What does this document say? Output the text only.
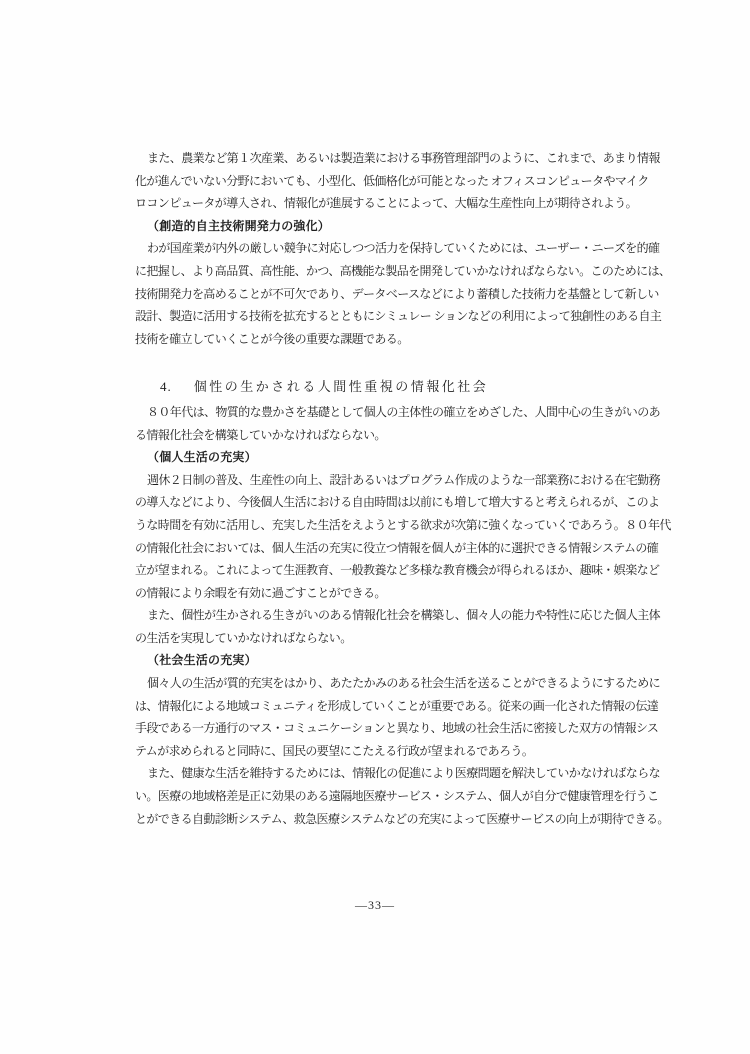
また、農業など第１次産業、あるいは製造業における事務管理部門のように、これまで、あまり情報
化が進んでいない分野においても、小型化、低価格化が可能となった オフィスコンピュータやマイク
ロコンピュータが導入され、情報化が進展することによって、大幅な生産性向上が期待されよう。
（創造的自主技術開発力の強化）
わが国産業が内外の厳しい競争に対応しつつ活力を保持していくためには、ユーザー・ニーズを的確
に把握し、より高品質、高性能、かつ、高機能な製品を開発していかなければならない。このためには、
技術開発力を高めることが不可欠であり、データベースなどにより蓄積した技術力を基盤として新しい
設計、製造に活用する技術を拡充するとともにシミュレー ションなどの利用によって独創性のある自主
技術を確立していくことが今後の重要な課題である。
4. 個性の生かされる人間性重視の情報化社会
８０年代は、物質的な豊かさを基礎として個人の主体性の確立をめざした、人間中心の生きがいのあ
る情報化社会を構築していかなければならない。
（個人生活の充実）
週休２日制の普及、生産性の向上、設計あるいはプログラム作成のような一部業務における在宅勤務
の導入などにより、今後個人生活における自由時間は以前にも増して増大すると考えられるが、このよ
うな時間を有効に活用し、充実した生活をえようとする欲求が次第に強くなっていくであろう。８０年代
の情報化社会においては、個人生活の充実に役立つ情報を個人が主体的に選択できる情報システムの確
立が望まれる。これによって生涯教育、一般教養など多様な教育機会が得られるほか、趣味・娯楽など
の情報により余暇を有効に過ごすことができる。
また、個性が生かされる生きがいのある情報化社会を構築し、個々人の能力や特性に応じた個人主体
の生活を実現していかなければならない。
（社会生活の充実）
個々人の生活が質的充実をはかり、あたたかみのある社会生活を送ることができるようにするために
は、情報化による地域コミュニティを形成していくことが重要である。従来の画一化された情報の伝達
手段である一方通行のマス・コミュニケーションと異なり、地域の社会生活に密接した双方の情報シス
テムが求められると同時に、国民の要望にこたえる行政が望まれるであろう。
また、健康な生活を維持するためには、情報化の促進により医療問題を解決していかなければならな
い。医療の地域格差是正に効果のある遠隔地医療サービス・システム、個人が自分で健康管理を行うこ
とができる自動診断システム、救急医療システムなどの充実によって医療サービスの向上が期待できる。
—33—
